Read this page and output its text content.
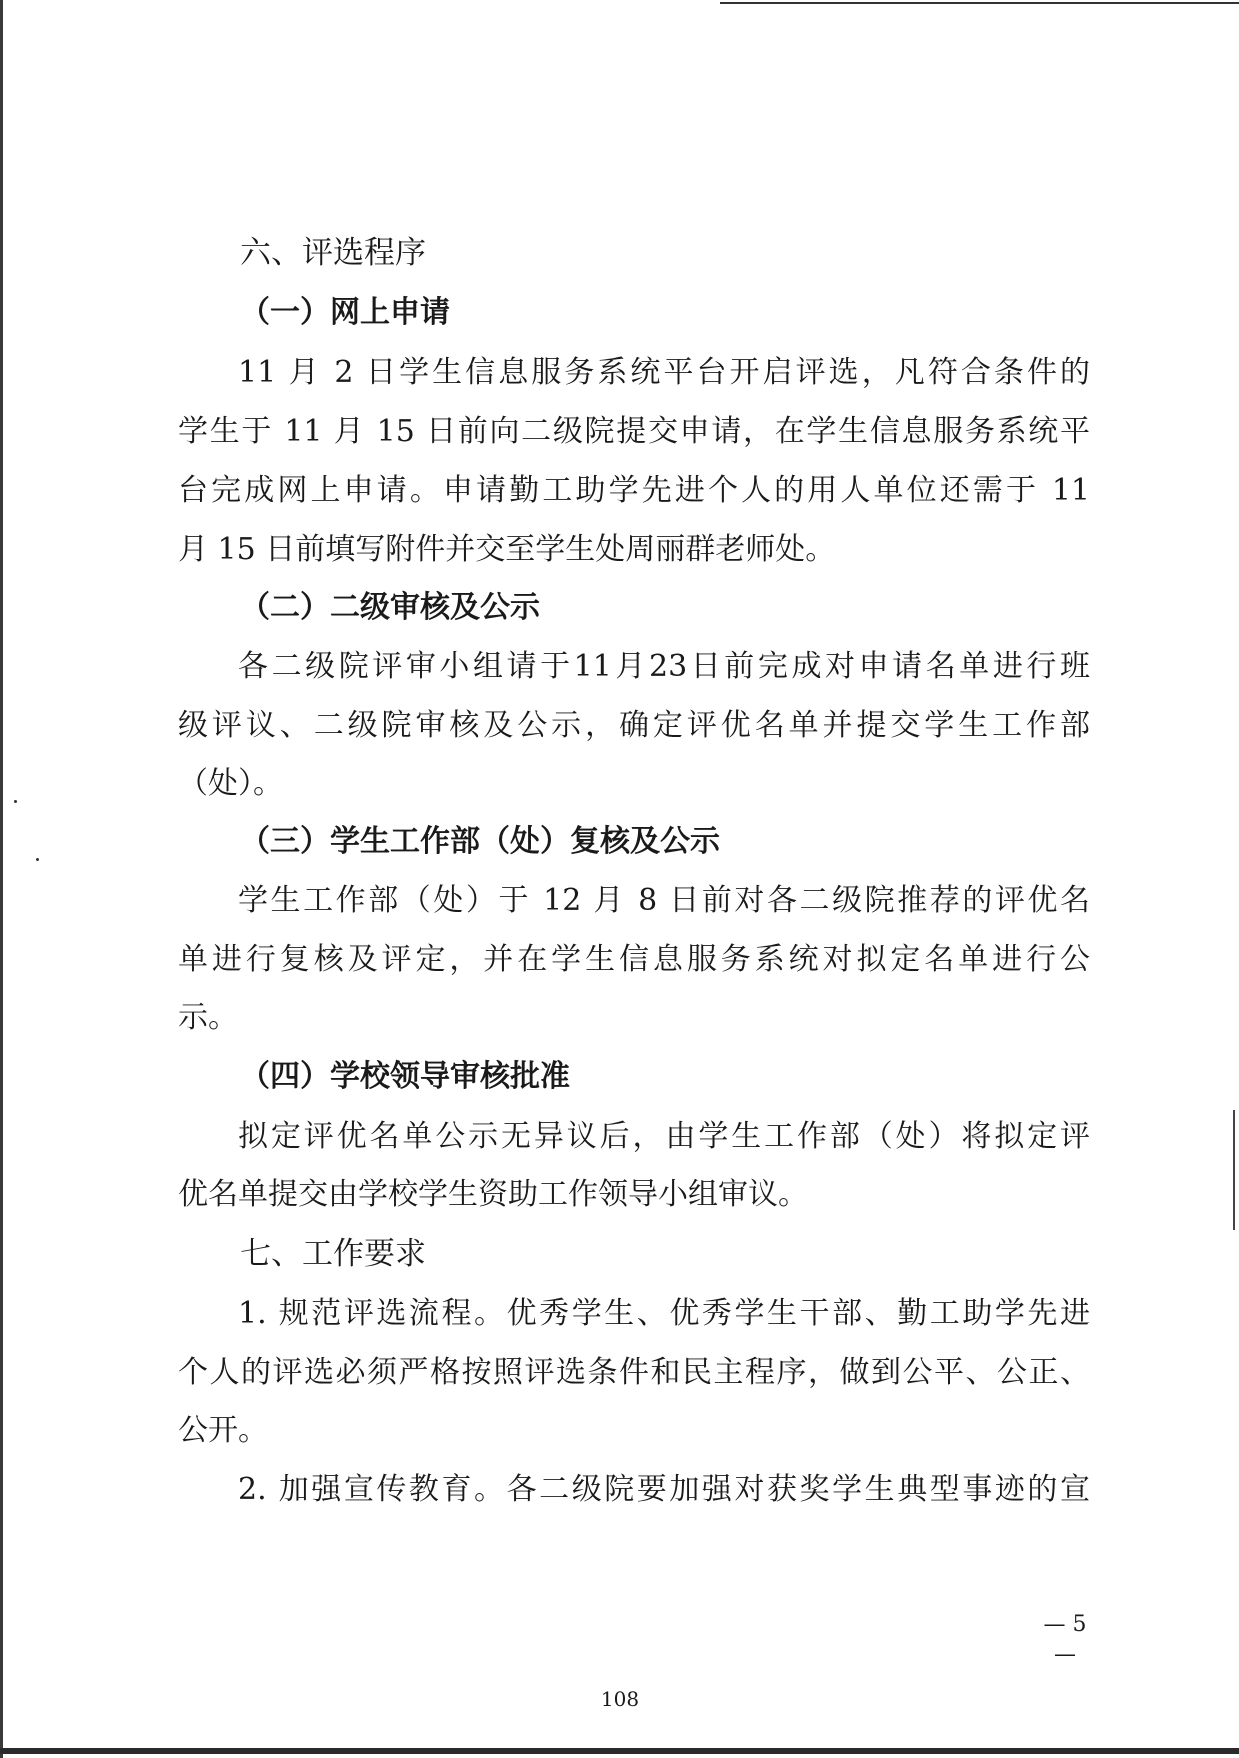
六、评选程序
（一）网上申请
11 月 2 日学生信息服务系统平台开启评选，凡符合条件的
学生于 11 月 15 日前向二级院提交申请，在学生信息服务系统平
台完成网上申请。申请勤工助学先进个人的用人单位还需于 11
月 15 日前填写附件并交至学生处周丽群老师处。
（二）二级审核及公示
各二级院评审小组请于11月23日前完成对申请名单进行班
级评议、二级院审核及公示，确定评优名单并提交学生工作部
（处）。
（三）学生工作部（处）复核及公示
学生工作部（处）于 12 月 8 日前对各二级院推荐的评优名
单进行复核及评定，并在学生信息服务系统对拟定名单进行公
示。
（四）学校领导审核批准
拟定评优名单公示无异议后，由学生工作部（处）将拟定评
优名单提交由学校学生资助工作领导小组审议。
七、工作要求
1. 规范评选流程。优秀学生、优秀学生干部、勤工助学先进
个人的评选必须严格按照评选条件和民主程序，做到公平、公正、
公开。
2. 加强宣传教育。各二级院要加强对获奖学生典型事迹的宣
— 5 —
108
